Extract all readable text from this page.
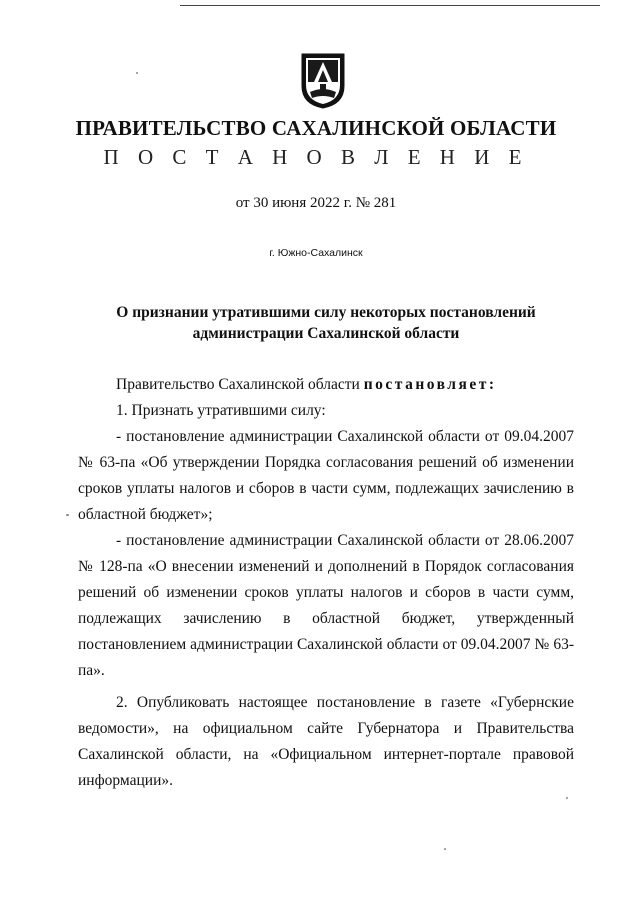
ПРАВИТЕЛЬСТВО САХАЛИНСКОЙ ОБЛАСТИ
П О С Т А Н О В Л Е Н И Е
от 30 июня 2022 г. № 281
г. Южно-Сахалинск
О признании утратившими силу некоторых постановлений
администрации Сахалинской области

Правительство Сахалинской области постановляет:

1. Признать утратившими силу:

- постановление администрации Сахалинской области от 09.04.2007 № 63-па «Об утверждении Порядка согласования решений об изменении сроков уплаты налогов и сборов в части сумм, подлежащих зачислению в областной бюджет»;

- постановление администрации Сахалинской области от 28.06.2007 № 128-па «О внесении изменений и дополнений в Порядок согласования решений об изменении сроков уплаты налогов и сборов в части сумм, подлежащих зачислению в областной бюджет, утвержденный постановлением администрации Сахалинской области от 09.04.2007 № 63-па».

2. Опубликовать настоящее постановление в газете «Губернские ведомости», на официальном сайте Губернатора и Правительства Сахалинской области, на «Официальном интернет-портале правовой информации».
